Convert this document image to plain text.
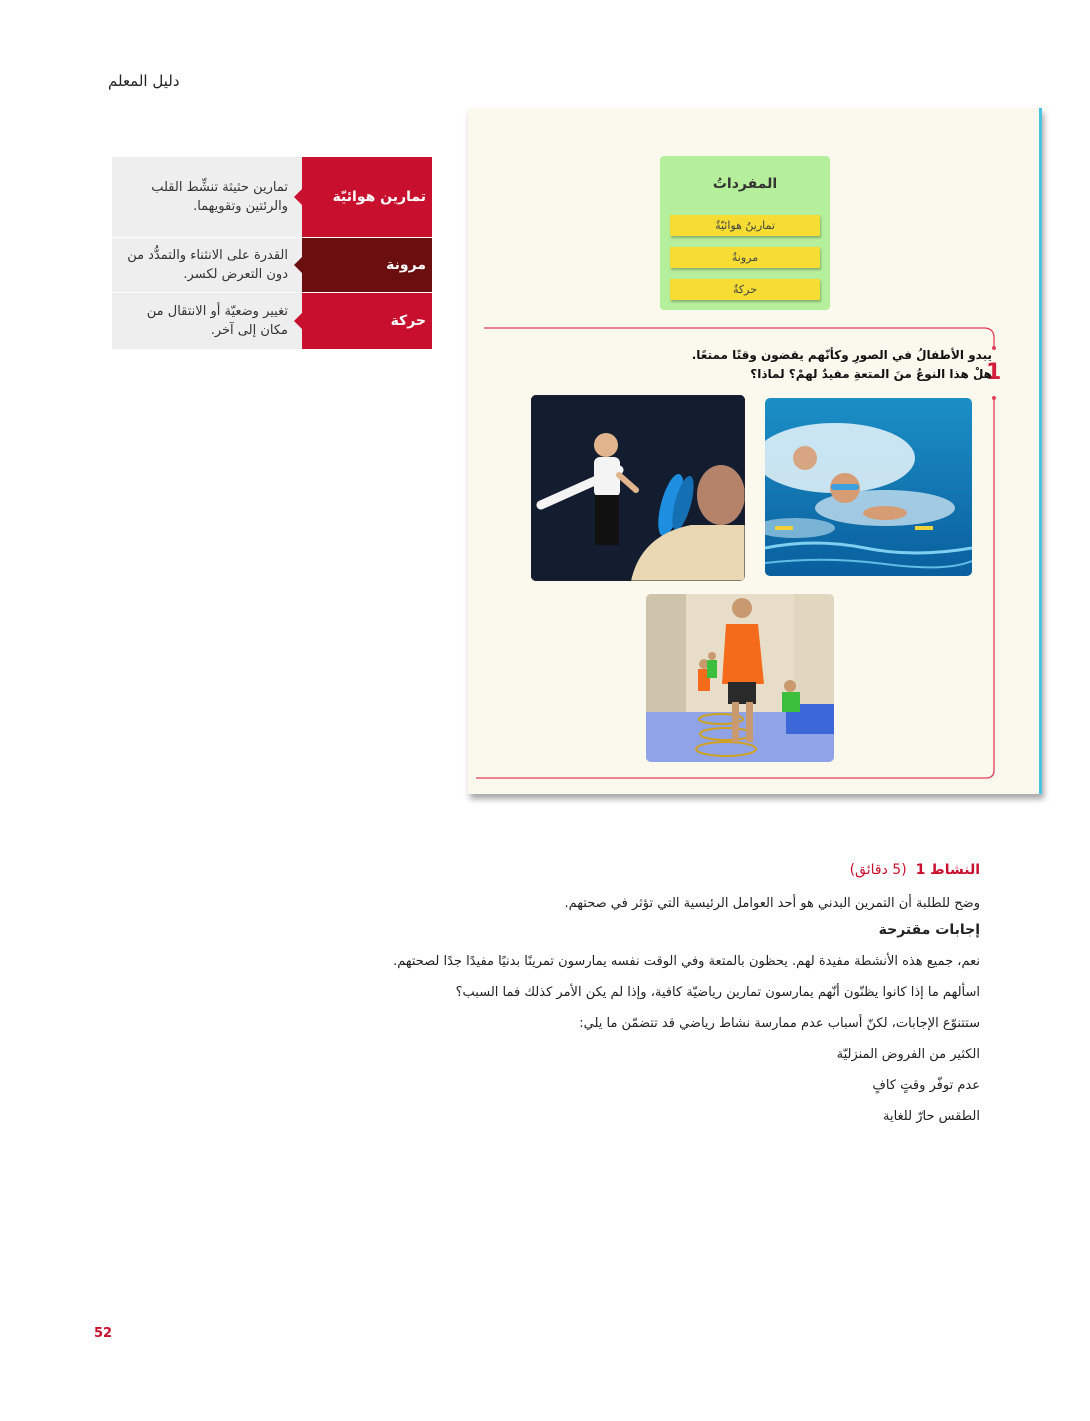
دليل المعلم
تمارين حثيثة تنشِّط القلب والرئتين وتقويهما.
تمارين هوائيّة
القدرة على الانثناء والتمدُّد من دون التعرض لكسر.
مرونة
تغيير وضعيّة أو الانتقال من مكان إلى آخر.
حركة
المفرداتُ
تمارينُ هوائيّةُ
مرونةٌ
حركةٌ
1
يبدو الأطفالُ في الصورِ وكأنّهم يقضون وقتًا ممتعًا.
هلْ هذا النوعُ منَ المتعةِ مفيدٌ لهمْ؟ لماذا؟

النشاط 1  (5 دقائق)

وضح للطلبة أن التمرين البدني هو أحد العوامل الرئيسية التي تؤثر في صحتهم.

إجابات مقترحة

نعم، جميع هذه الأنشطة مفيدة لهم. يحظون بالمتعة وفي الوقت نفسه يمارسون تمرينًا بدنيًا مفيدًا جدًا لصحتهم.

اسألهم ما إذا كانوا يظنّون أنّهم يمارسون تمارين رياضيّة كافية، وإذا لم يكن الأمر كذلك فما السبب؟

ستتنوّع الإجابات، لكنّ أسباب عدم ممارسة نشاط رياضي قد تتضمّن ما يلي:

الكثير من الفروض المنزليّة

عدم توفّر وقتٍ كافٍ

الطقس حارّ للغاية

52
